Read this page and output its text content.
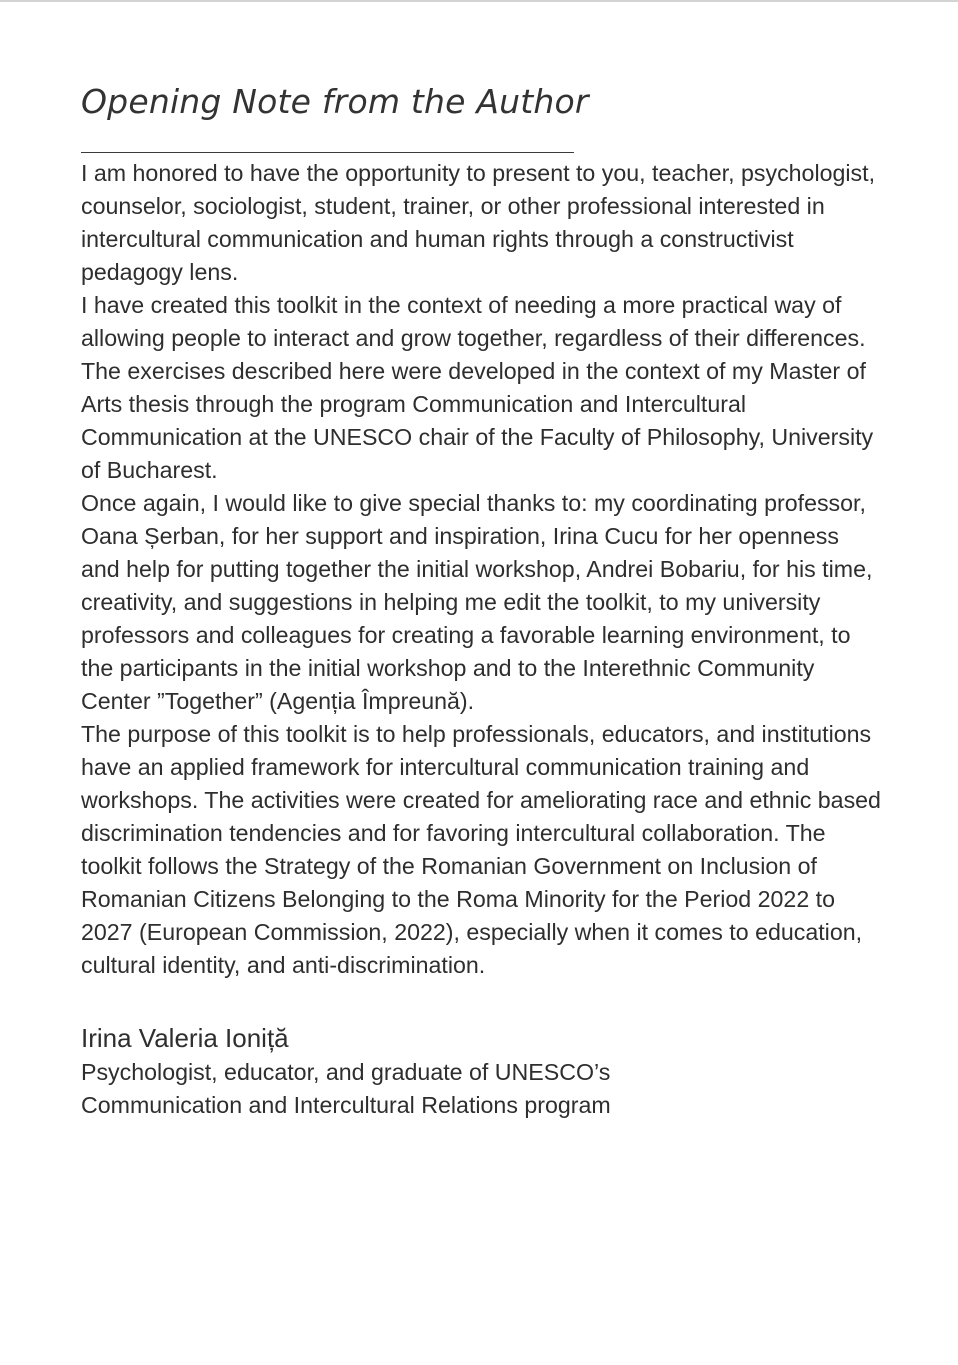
Opening Note from the Author

I am honored to have the opportunity to present to you, teacher, psychologist, counselor, sociologist, student, trainer, or other professional interested in intercultural communication and human rights through a constructivist pedagogy lens.

I have created this toolkit in the context of needing a more practical way of allowing people to interact and grow together, regardless of their differences. The exercises described here were developed in the context of my Master of Arts thesis through the program Communication and Intercultural Communication at the UNESCO chair of the Faculty of Philosophy, University of Bucharest.

Once again, I would like to give special thanks to: my coordinating professor, Oana Șerban, for her support and inspiration, Irina Cucu for her openness and help for putting together the initial workshop, Andrei Bobariu, for his time, creativity, and suggestions in helping me edit the toolkit, to my university professors and colleagues for creating a favorable learning environment, to the participants in the initial workshop and to the Interethnic Community Center ”Together” (Agenția Împreună).

The purpose of this toolkit is to help professionals, educators, and institutions have an applied framework for intercultural communication training and workshops. The activities were created for ameliorating race and ethnic based discrimination tendencies and for favoring intercultural collaboration. The toolkit follows the Strategy of the Romanian Government on Inclusion of Romanian Citizens Belonging to the Roma Minority for the Period 2022 to 2027 (European Commission, 2022), especially when it comes to education, cultural identity, and anti-discrimination.

Irina Valeria Ioniță
Psychologist, educator, and graduate of UNESCO’s
Communication and Intercultural Relations program
